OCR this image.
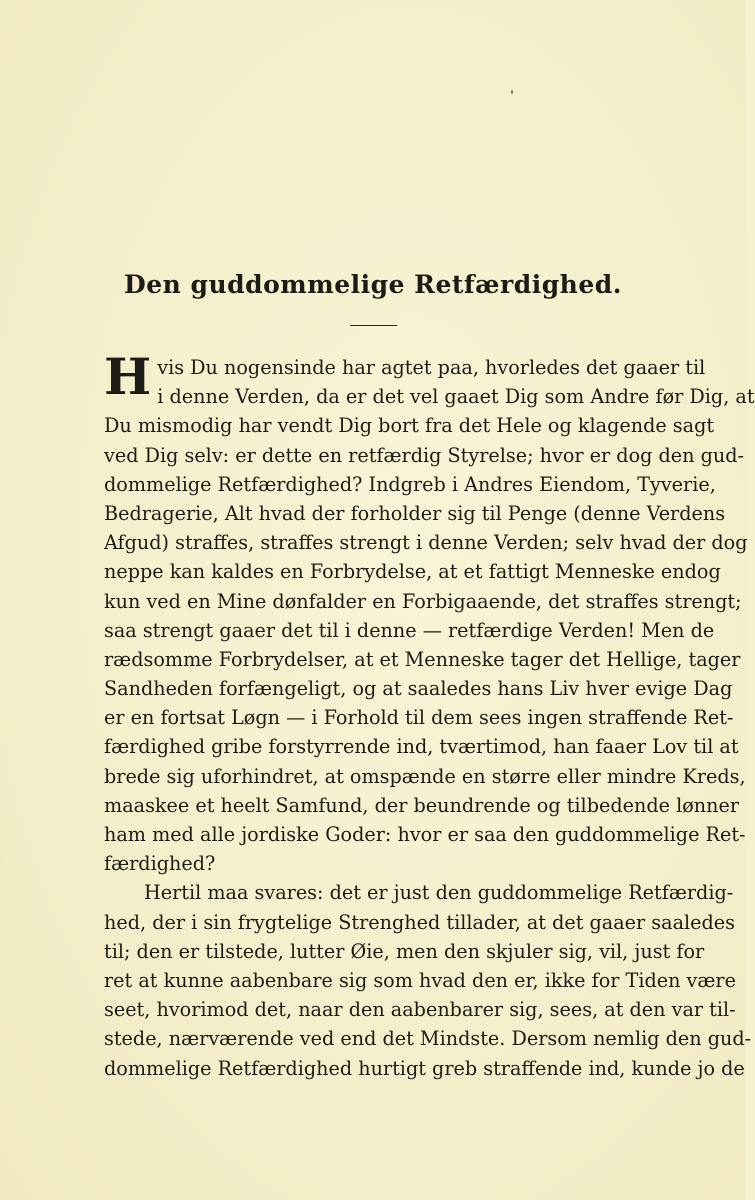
Den guddommelige Retfærdighed.
H vis Du nogensinde har agtet paa, hvorledes det gaaer til
i denne Verden, da er det vel gaaet Dig som Andre før Dig, at
Du mismodig har vendt Dig bort fra det Hele og klagende sagt
ved Dig selv: er dette en retfærdig Styrelse; hvor er dog den gud-
dommelige Retfærdighed? Indgreb i Andres Eiendom, Tyverie,
Bedragerie, Alt hvad der forholder sig til Penge (denne Verdens
Afgud) straffes, straffes strengt i denne Verden; selv hvad der dog
neppe kan kaldes en Forbrydelse, at et fattigt Menneske endog
kun ved en Mine dønfalder en Forbigaaende, det straffes strengt;
saa strengt gaaer det til i denne — retfærdige Verden! Men de
rædsomme Forbrydelser, at et Menneske tager det Hellige, tager
Sandheden forfængeligt, og at saaledes hans Liv hver evige Dag
er en fortsat Løgn — i Forhold til dem sees ingen straffende Ret-
færdighed gribe forstyrrende ind, tværtimod, han faaer Lov til at
brede sig uforhindret, at omspænde en større eller mindre Kreds,
maaskee et heelt Samfund, der beundrende og tilbedende lønner
ham med alle jordiske Goder: hvor er saa den guddommelige Ret-
færdighed?
Hertil maa svares: det er just den guddommelige Retfærdig-
hed, der i sin frygtelige Strenghed tillader, at det gaaer saaledes
til; den er tilstede, lutter Øie, men den skjuler sig, vil, just for
ret at kunne aabenbare sig som hvad den er, ikke for Tiden være
seet, hvorimod det, naar den aabenbarer sig, sees, at den var til-
stede, nærværende ved end det Mindste. Dersom nemlig den gud-
dommelige Retfærdighed hurtigt greb straffende ind, kunde jo de
